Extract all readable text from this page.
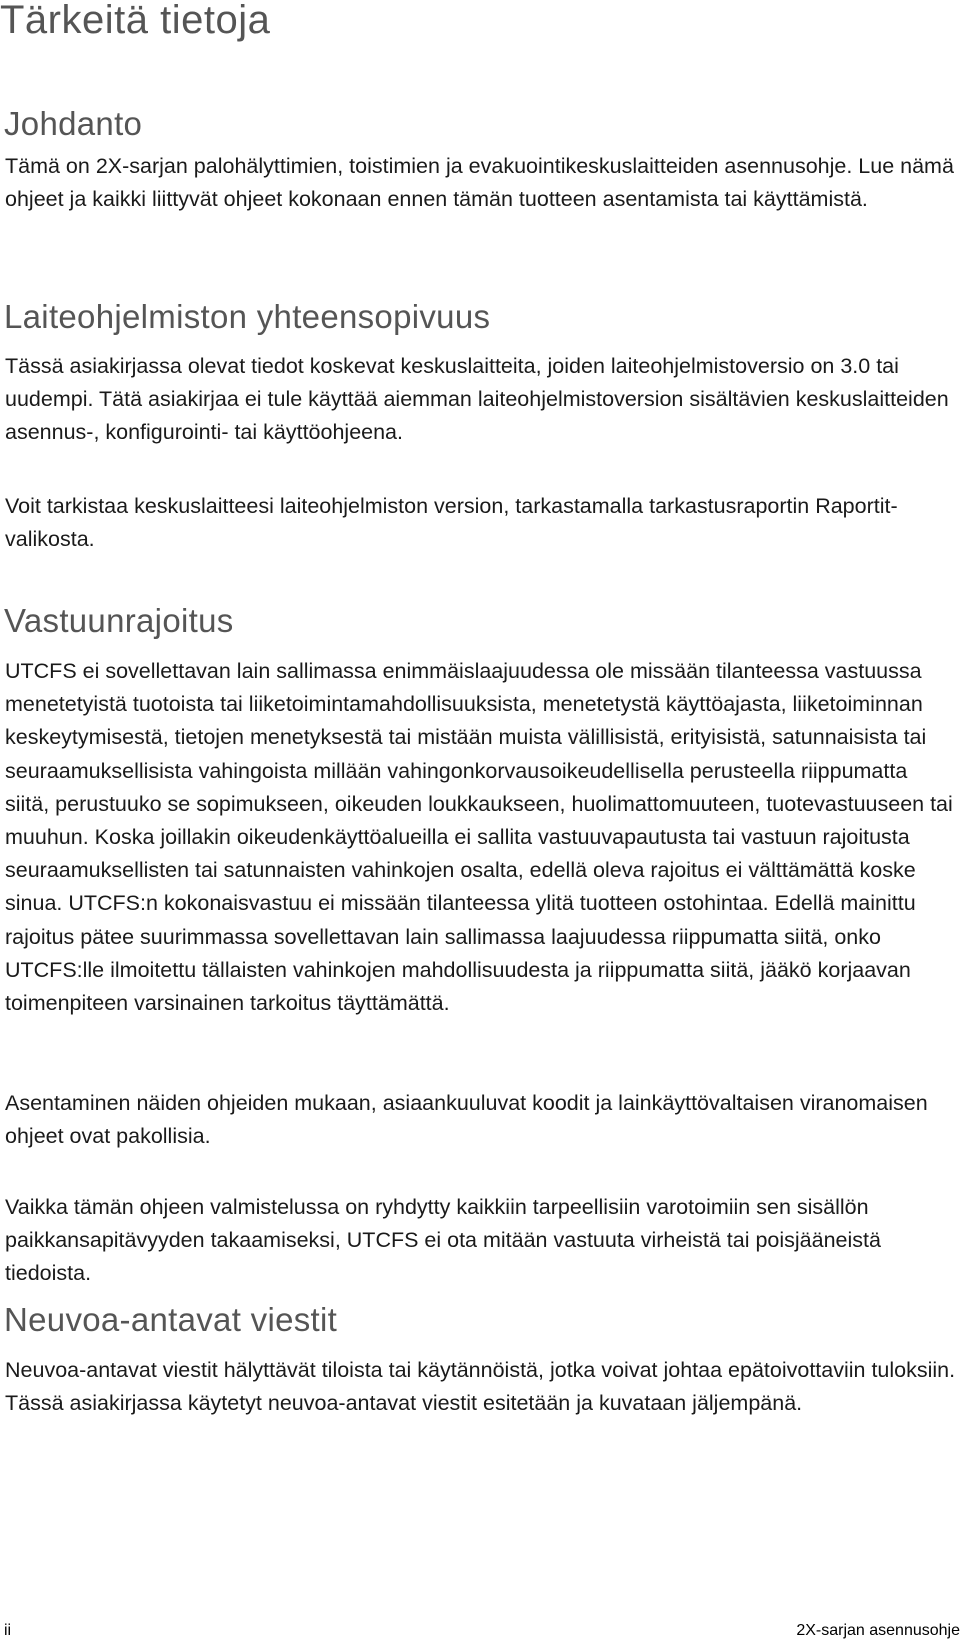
Tärkeitä tietoja
Johdanto

Tämä on 2X-sarjan palohälyttimien, toistimien ja evakuointikeskuslaitteiden asennusohje. Lue nämä ohjeet ja kaikki liittyvät ohjeet kokonaan ennen tämän tuotteen asentamista tai käyttämistä.

Laiteohjelmiston yhteensopivuus

Tässä asiakirjassa olevat tiedot koskevat keskuslaitteita, joiden laiteohjelmistoversio on 3.0 tai uudempi. Tätä asiakirjaa ei tule käyttää aiemman laiteohjelmistoversion sisältävien keskuslaitteiden asennus-, konfigurointi- tai käyttöohjeena.

Voit tarkistaa keskuslaitteesi laiteohjelmiston version, tarkastamalla tarkastusraportin Raportit-valikosta.

Vastuunrajoitus

UTCFS ei sovellettavan lain sallimassa enimmäislaajuudessa ole missään tilanteessa vastuussa menetetyistä tuotoista tai liiketoimintamahdollisuuksista, menetetystä käyttöajasta, liiketoiminnan keskeytymisestä, tietojen menetyksestä tai mistään muista välillisistä, erityisistä, satunnaisista tai seuraamuksellisista vahingoista millään vahingonkorvausoikeudellisella perusteella riippumatta siitä, perustuuko se sopimukseen, oikeuden loukkaukseen, huolimattomuuteen, tuotevastuuseen tai muuhun. Koska joillakin oikeudenkäyttöalueilla ei sallita vastuuvapautusta tai vastuun rajoitusta seuraamuksellisten tai satunnaisten vahinkojen osalta, edellä oleva rajoitus ei välttämättä koske sinua. UTCFS:n kokonaisvastuu ei missään tilanteessa ylitä tuotteen ostohintaa. Edellä mainittu rajoitus pätee suurimmassa sovellettavan lain sallimassa laajuudessa riippumatta siitä, onko UTCFS:lle ilmoitettu tällaisten vahinkojen mahdollisuudesta ja riippumatta siitä, jääkö korjaavan toimenpiteen varsinainen tarkoitus täyttämättä.

Asentaminen näiden ohjeiden mukaan, asiaankuuluvat koodit ja lainkäyttövaltaisen viranomaisen ohjeet ovat pakollisia.

Vaikka tämän ohjeen valmistelussa on ryhdytty kaikkiin tarpeellisiin varotoimiin sen sisällön paikkansapitävyyden takaamiseksi, UTCFS ei ota mitään vastuuta virheistä tai poisjääneistä tiedoista.

Neuvoa-antavat viestit

Neuvoa-antavat viestit hälyttävät tiloista tai käytännöistä, jotka voivat johtaa epätoivottaviin tuloksiin. Tässä asiakirjassa käytetyt neuvoa-antavat viestit esitetään ja kuvataan jäljempänä.

ii	2X-sarjan asennusohje
